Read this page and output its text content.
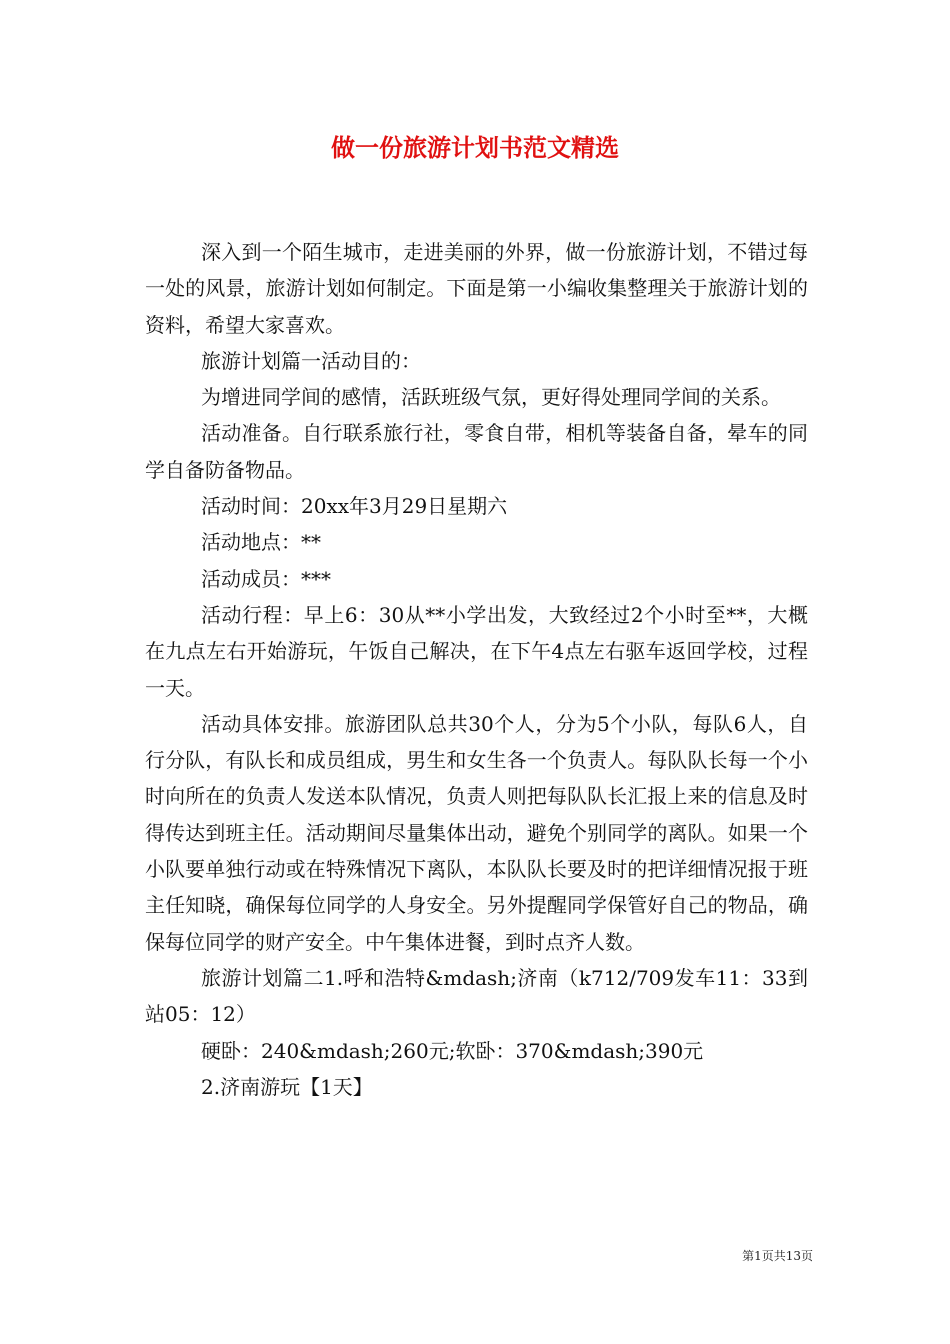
做一份旅游计划书范文精选

深入到一个陌生城市，走进美丽的外界，做一份旅游计划，不错过每一处的风景，旅游计划如何制定。下面是第一小编收集整理关于旅游计划的资料，希望大家喜欢。

旅游计划篇一活动目的：

为增进同学间的感情，活跃班级气氛，更好得处理同学间的关系。

活动准备。自行联系旅行社，零食自带，相机等装备自备，晕车的同学自备防备物品。

活动时间：20xx年3月29日星期六

活动地点：**

活动成员：***

活动行程：早上6：30从**小学出发，大致经过2个小时至**，大概在九点左右开始游玩，午饭自己解决，在下午4点左右驱车返回学校，过程一天。

活动具体安排。旅游团队总共30个人，分为5个小队，每队6人，自行分队，有队长和成员组成，男生和女生各一个负责人。每队队长每一个小时向所在的负责人发送本队情况，负责人则把每队队长汇报上来的信息及时得传达到班主任。活动期间尽量集体出动，避免个别同学的离队。如果一个小队要单独行动或在特殊情况下离队，本队队长要及时的把详细情况报于班主任知晓，确保每位同学的人身安全。另外提醒同学保管好自己的物品，确保每位同学的财产安全。中午集体进餐，到时点齐人数。

旅游计划篇二1.呼和浩特&mdash;济南（k712/709发车11：33到站05：12）

硬卧：240&mdash;260元;软卧：370&mdash;390元

2.济南游玩【1天】

第1页共13页
